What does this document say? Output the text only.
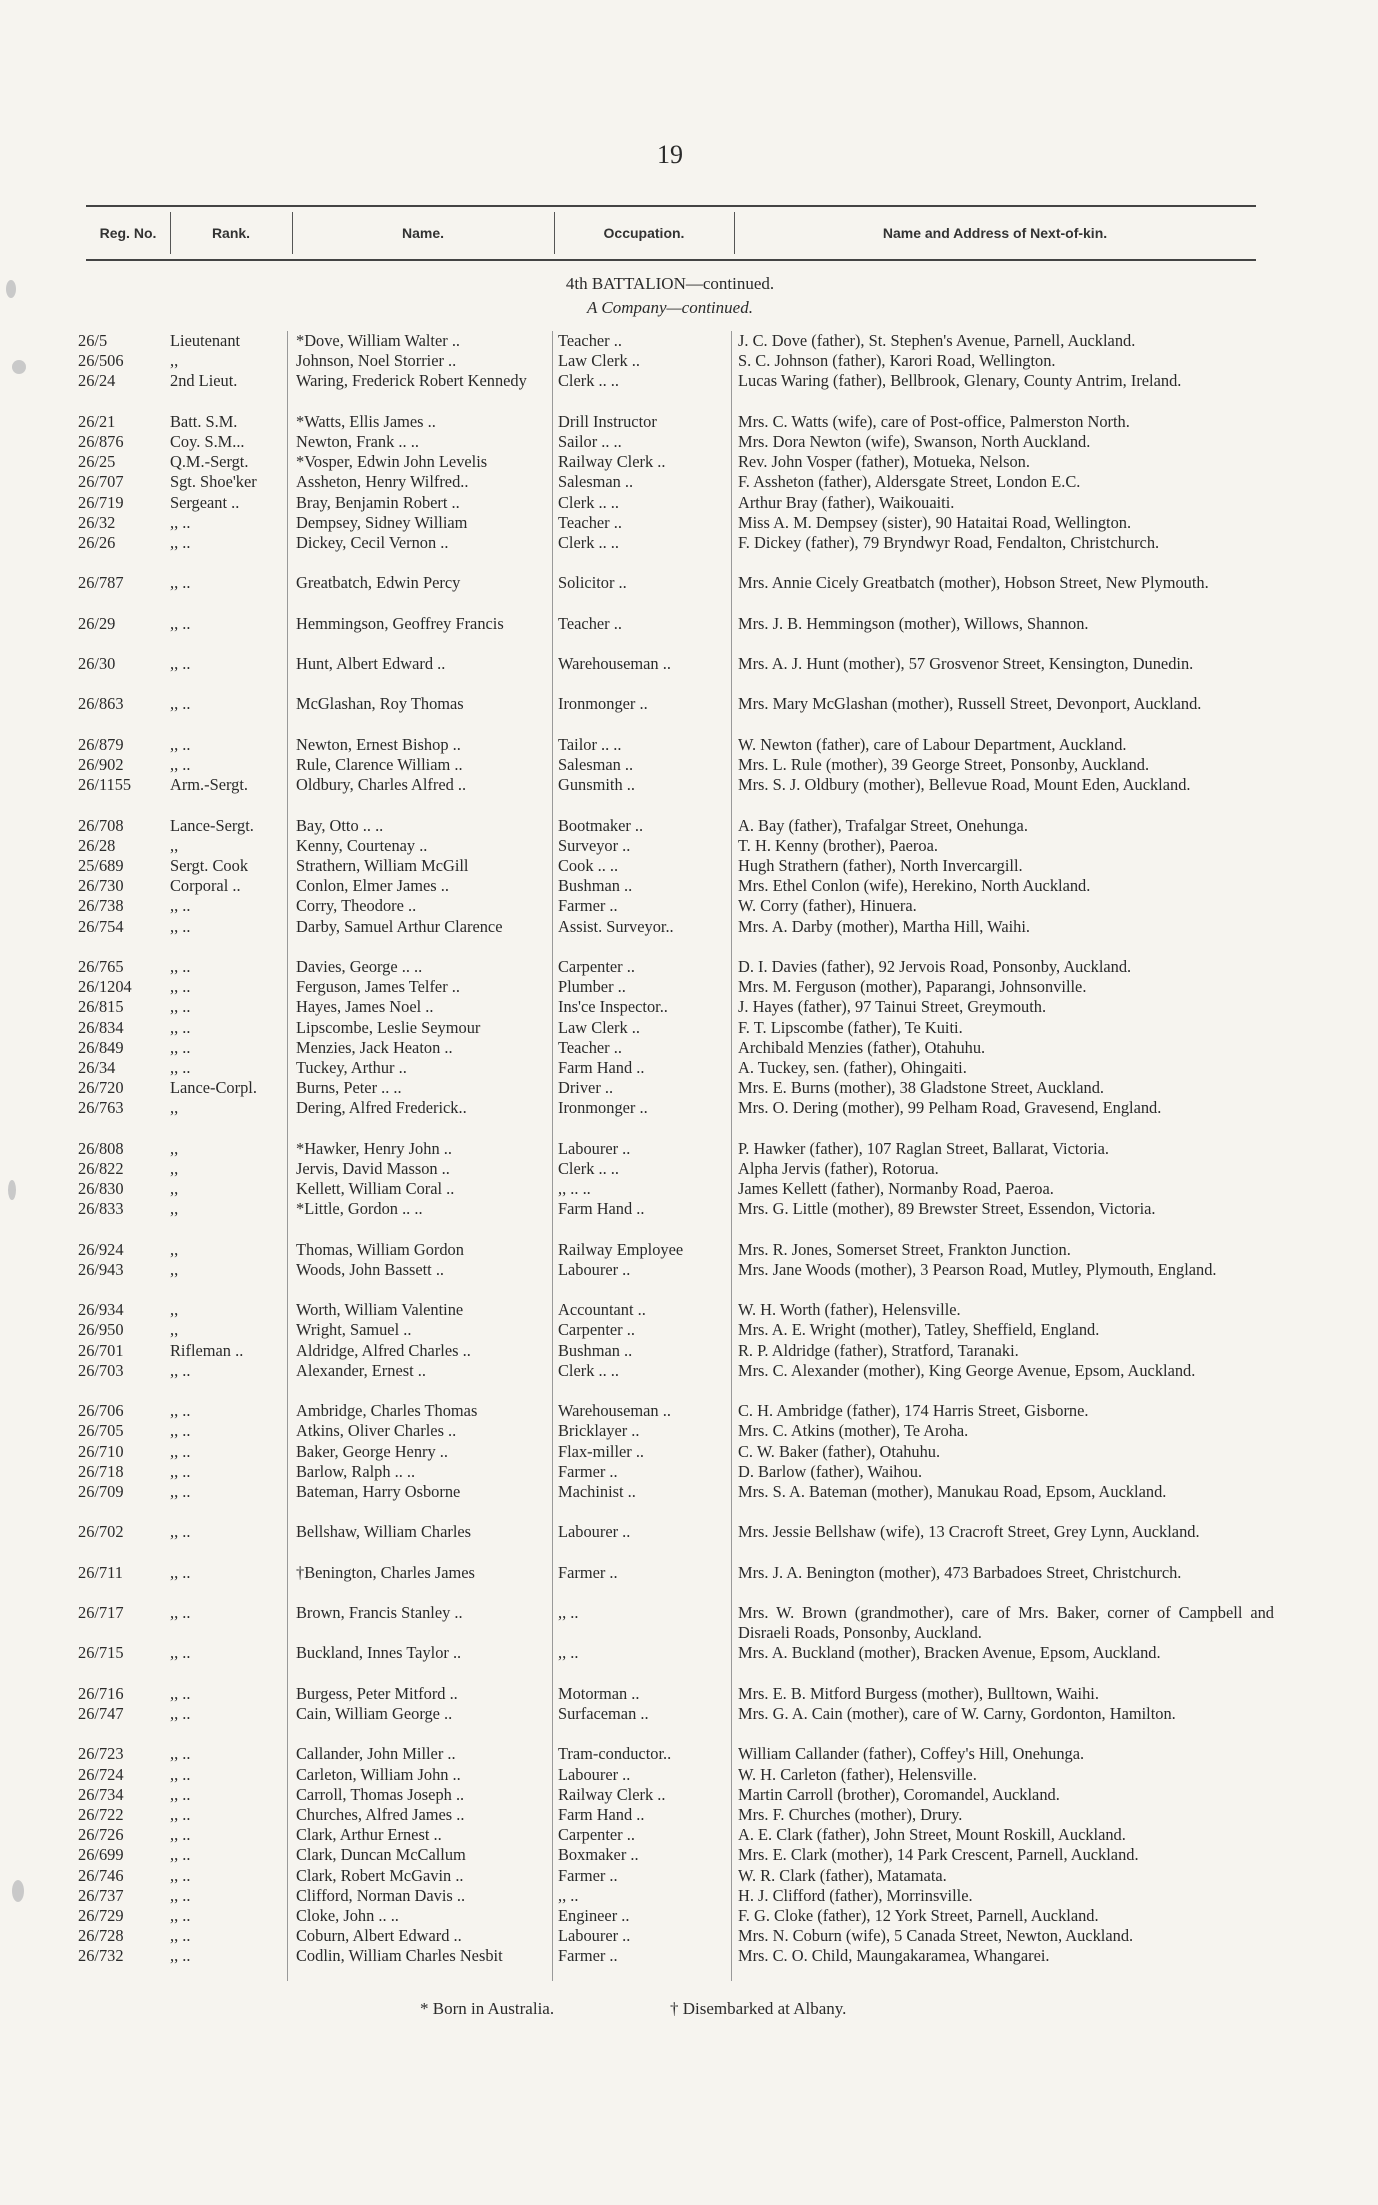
19
Reg. No.	Rank.	Name.	Occupation.	Name and Address of Next-of-kin.
4th BATTALION—continued.
A Company—continued.
26/5	Lieutenant	*Dove, William Walter ..	Teacher ..	J. C. Dove (father), St. Stephen's Avenue, Parnell, Auckland.
26/506	,,	Johnson, Noel Storrier ..	Law Clerk ..	S. C. Johnson (father), Karori Road, Wellington.
26/24	2nd Lieut.	Waring, Frederick Robert Kennedy	Clerk .. ..	Lucas Waring (father), Bellbrook, Glenary, County Antrim, Ireland.
26/21	Batt. S.M.	*Watts, Ellis James ..	Drill Instructor	Mrs. C. Watts (wife), care of Post-office, Palmerston North.
26/876	Coy. S.M...	Newton, Frank .. ..	Sailor .. ..	Mrs. Dora Newton (wife), Swanson, North Auckland.
26/25	Q.M.-Sergt.	*Vosper, Edwin John Levelis	Railway Clerk ..	Rev. John Vosper (father), Motueka, Nelson.
26/707	Sgt. Shoe'ker	Assheton, Henry Wilfred..	Salesman ..	F. Assheton (father), Aldersgate Street, London E.C.
26/719	Sergeant ..	Bray, Benjamin Robert ..	Clerk .. ..	Arthur Bray (father), Waikouaiti.
26/32	,, ..	Dempsey, Sidney William	Teacher ..	Miss A. M. Dempsey (sister), 90 Hataitai Road, Wellington.
26/26	,, ..	Dickey, Cecil Vernon ..	Clerk .. ..	F. Dickey (father), 79 Bryndwyr Road, Fendalton, Christchurch.
26/787	,, ..	Greatbatch, Edwin Percy	Solicitor ..	Mrs. Annie Cicely Greatbatch (mother), Hobson Street, New Plymouth.
26/29	,, ..	Hemmingson, Geoffrey Francis	Teacher ..	Mrs. J. B. Hemmingson (mother), Willows, Shannon.
26/30	,, ..	Hunt, Albert Edward ..	Warehouseman ..	Mrs. A. J. Hunt (mother), 57 Grosvenor Street, Kensington, Dunedin.
26/863	,, ..	McGlashan, Roy Thomas	Ironmonger ..	Mrs. Mary McGlashan (mother), Russell Street, Devonport, Auckland.
26/879	,, ..	Newton, Ernest Bishop ..	Tailor .. ..	W. Newton (father), care of Labour Department, Auckland.
26/902	,, ..	Rule, Clarence William ..	Salesman ..	Mrs. L. Rule (mother), 39 George Street, Ponsonby, Auckland.
26/1155	Arm.-Sergt.	Oldbury, Charles Alfred ..	Gunsmith ..	Mrs. S. J. Oldbury (mother), Bellevue Road, Mount Eden, Auckland.
26/708	Lance-Sergt.	Bay, Otto .. ..	Bootmaker ..	A. Bay (father), Trafalgar Street, Onehunga.
26/28	,,	Kenny, Courtenay ..	Surveyor ..	T. H. Kenny (brother), Paeroa.
25/689	Sergt. Cook	Strathern, William McGill	Cook .. ..	Hugh Strathern (father), North Invercargill.
26/730	Corporal ..	Conlon, Elmer James ..	Bushman ..	Mrs. Ethel Conlon (wife), Herekino, North Auckland.
26/738	,, ..	Corry, Theodore ..	Farmer ..	W. Corry (father), Hinuera.
26/754	,, ..	Darby, Samuel Arthur Clarence	Assist. Surveyor..	Mrs. A. Darby (mother), Martha Hill, Waihi.
26/765	,, ..	Davies, George .. ..	Carpenter ..	D. I. Davies (father), 92 Jervois Road, Ponsonby, Auckland.
26/1204	,, ..	Ferguson, James Telfer ..	Plumber ..	Mrs. M. Ferguson (mother), Paparangi, Johnsonville.
26/815	,, ..	Hayes, James Noel ..	Ins'ce Inspector..	J. Hayes (father), 97 Tainui Street, Greymouth.
26/834	,, ..	Lipscombe, Leslie Seymour	Law Clerk ..	F. T. Lipscombe (father), Te Kuiti.
26/849	,, ..	Menzies, Jack Heaton ..	Teacher ..	Archibald Menzies (father), Otahuhu.
26/34	,, ..	Tuckey, Arthur ..	Farm Hand ..	A. Tuckey, sen. (father), Ohingaiti.
26/720	Lance-Corpl.	Burns, Peter .. ..	Driver ..	Mrs. E. Burns (mother), 38 Gladstone Street, Auckland.
26/763	,,	Dering, Alfred Frederick..	Ironmonger ..	Mrs. O. Dering (mother), 99 Pelham Road, Gravesend, England.
26/808	,,	*Hawker, Henry John ..	Labourer ..	P. Hawker (father), 107 Raglan Street, Ballarat, Victoria.
26/822	,,	Jervis, David Masson ..	Clerk .. ..	Alpha Jervis (father), Rotorua.
26/830	,,	Kellett, William Coral ..	,, .. ..	James Kellett (father), Normanby Road, Paeroa.
26/833	,,	*Little, Gordon .. ..	Farm Hand ..	Mrs. G. Little (mother), 89 Brewster Street, Essendon, Victoria.
26/924	,,	Thomas, William Gordon	Railway Employee	Mrs. R. Jones, Somerset Street, Frankton Junction.
26/943	,,	Woods, John Bassett ..	Labourer ..	Mrs. Jane Woods (mother), 3 Pearson Road, Mutley, Plymouth, England.
26/934	,,	Worth, William Valentine	Accountant ..	W. H. Worth (father), Helensville.
26/950	,,	Wright, Samuel ..	Carpenter ..	Mrs. A. E. Wright (mother), Tatley, Sheffield, England.
26/701	Rifleman ..	Aldridge, Alfred Charles ..	Bushman ..	R. P. Aldridge (father), Stratford, Taranaki.
26/703	,, ..	Alexander, Ernest ..	Clerk .. ..	Mrs. C. Alexander (mother), King George Avenue, Epsom, Auckland.
26/706	,, ..	Ambridge, Charles Thomas	Warehouseman ..	C. H. Ambridge (father), 174 Harris Street, Gisborne.
26/705	,, ..	Atkins, Oliver Charles ..	Bricklayer ..	Mrs. C. Atkins (mother), Te Aroha.
26/710	,, ..	Baker, George Henry ..	Flax-miller ..	C. W. Baker (father), Otahuhu.
26/718	,, ..	Barlow, Ralph .. ..	Farmer ..	D. Barlow (father), Waihou.
26/709	,, ..	Bateman, Harry Osborne	Machinist ..	Mrs. S. A. Bateman (mother), Manukau Road, Epsom, Auckland.
26/702	,, ..	Bellshaw, William Charles	Labourer ..	Mrs. Jessie Bellshaw (wife), 13 Cracroft Street, Grey Lynn, Auckland.
26/711	,, ..	†Benington, Charles James	Farmer ..	Mrs. J. A. Benington (mother), 473 Barbadoes Street, Christchurch.
26/717	,, ..	Brown, Francis Stanley ..	,, ..	Mrs. W. Brown (grandmother), care of Mrs. Baker, corner of Campbell and Disraeli Roads, Ponsonby, Auckland.
26/715	,, ..	Buckland, Innes Taylor ..	,, ..	Mrs. A. Buckland (mother), Bracken Avenue, Epsom, Auckland.
26/716	,, ..	Burgess, Peter Mitford ..	Motorman ..	Mrs. E. B. Mitford Burgess (mother), Bulltown, Waihi.
26/747	,, ..	Cain, William George ..	Surfaceman ..	Mrs. G. A. Cain (mother), care of W. Carny, Gordonton, Hamilton.
26/723	,, ..	Callander, John Miller ..	Tram-conductor..	William Callander (father), Coffey's Hill, Onehunga.
26/724	,, ..	Carleton, William John ..	Labourer ..	W. H. Carleton (father), Helensville.
26/734	,, ..	Carroll, Thomas Joseph ..	Railway Clerk ..	Martin Carroll (brother), Coromandel, Auckland.
26/722	,, ..	Churches, Alfred James ..	Farm Hand ..	Mrs. F. Churches (mother), Drury.
26/726	,, ..	Clark, Arthur Ernest ..	Carpenter ..	A. E. Clark (father), John Street, Mount Roskill, Auckland.
26/699	,, ..	Clark, Duncan McCallum	Boxmaker ..	Mrs. E. Clark (mother), 14 Park Crescent, Parnell, Auckland.
26/746	,, ..	Clark, Robert McGavin ..	Farmer ..	W. R. Clark (father), Matamata.
26/737	,, ..	Clifford, Norman Davis ..	,, ..	H. J. Clifford (father), Morrinsville.
26/729	,, ..	Cloke, John .. ..	Engineer ..	F. G. Cloke (father), 12 York Street, Parnell, Auckland.
26/728	,, ..	Coburn, Albert Edward ..	Labourer ..	Mrs. N. Coburn (wife), 5 Canada Street, Newton, Auckland.
26/732	,, ..	Codlin, William Charles Nesbit	Farmer ..	Mrs. C. O. Child, Maungakaramea, Whangarei.
* Born in Australia.	† Disembarked at Albany.
